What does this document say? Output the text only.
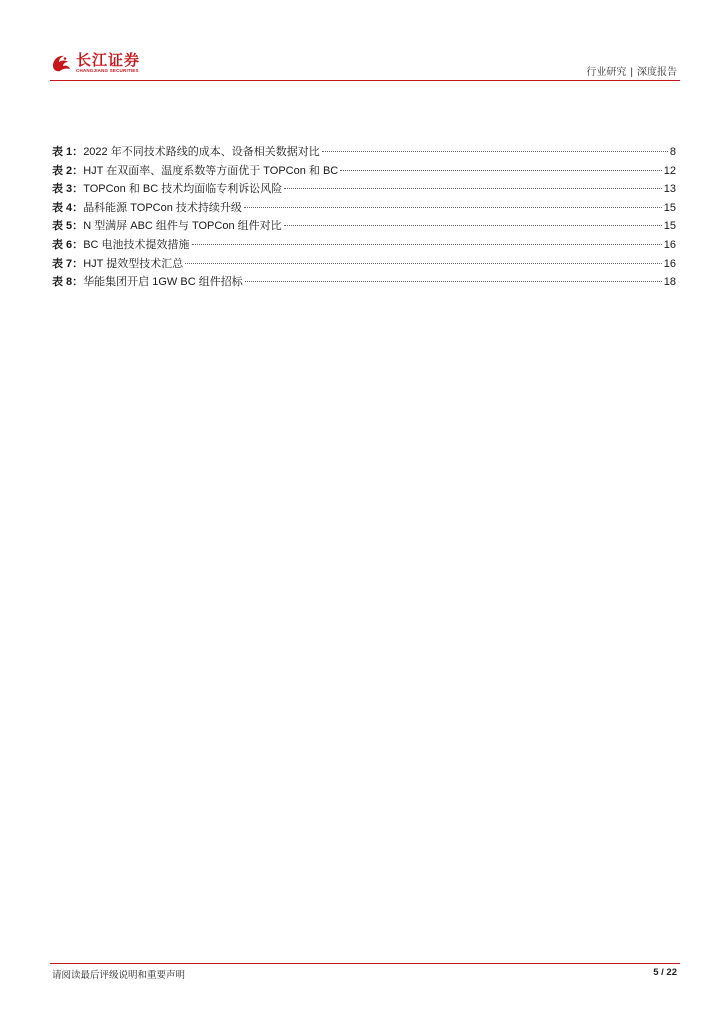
长江证券
CHANGJIANG SECURITIES	行业研究 | 深度报告
表 1：2022 年不同技术路线的成本、设备相关数据对比	8
表 2：HJT 在双面率、温度系数等方面优于 TOPCon 和 BC	12
表 3：TOPCon 和 BC 技术均面临专利诉讼风险	13
表 4：晶科能源 TOPCon 技术持续升级	15
表 5：N 型满屏 ABC 组件与 TOPCon 组件对比	15
表 6：BC 电池技术提效措施	16
表 7：HJT 提效型技术汇总	16
表 8：华能集团开启 1GW BC 组件招标	18
请阅读最后评级说明和重要声明	5 / 22
